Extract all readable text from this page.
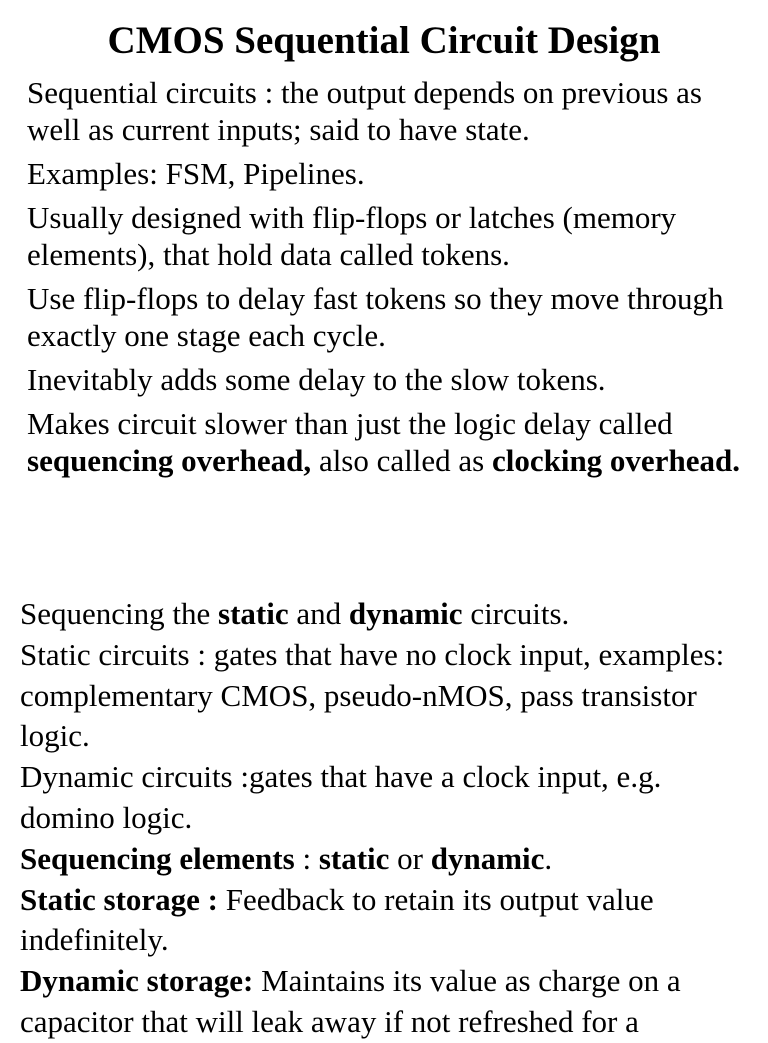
CMOS Sequential Circuit Design
Sequential circuits : the output depends on previous as well as current inputs; said to have state.
Examples: FSM, Pipelines.
Usually designed with flip-flops or latches (memory elements), that hold data called tokens.
Use flip-flops to delay fast tokens so they move through exactly one stage each cycle.
Inevitably adds some delay to the slow tokens.
Makes circuit slower than just the logic delay called sequencing overhead, also called as clocking overhead.
Sequencing the static and dynamic circuits.
Static circuits : gates that have no clock input, examples: complementary CMOS, pseudo-nMOS, pass transistor logic.
Dynamic circuits :gates that have a clock input, e.g. domino logic.
Sequencing elements : static or dynamic.
Static storage : Feedback to retain its output value indefinitely.
Dynamic storage: Maintains its value as charge on a capacitor that will leak away if not refreshed for a
